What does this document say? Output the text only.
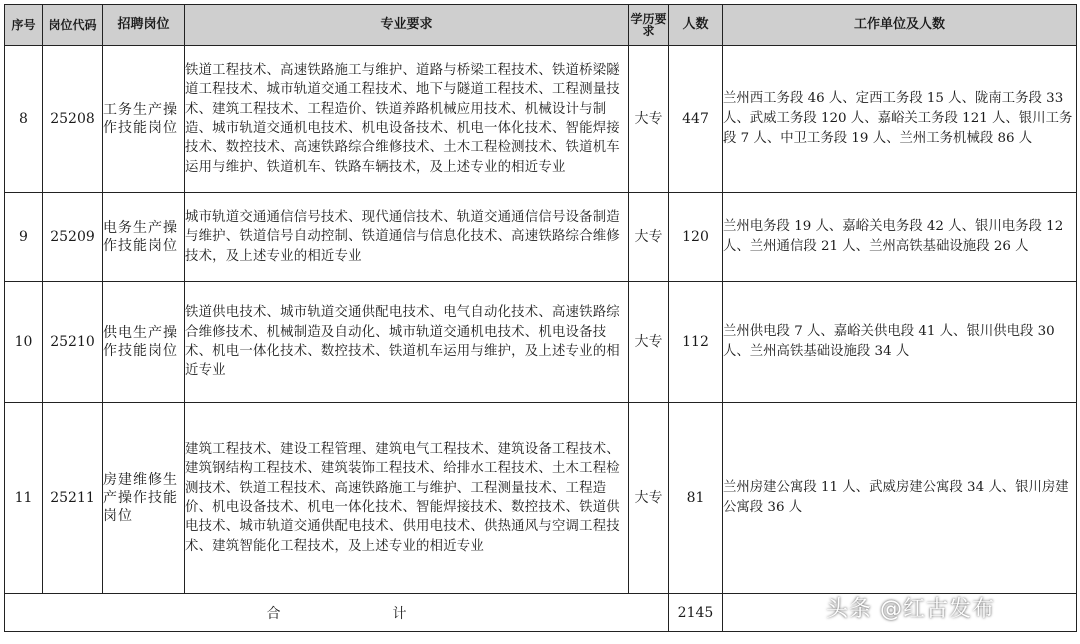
序号	岗位代码	招聘岗位	专业要求	学历要求	人数	工作单位及人数
8	25208	工务生产操作技能岗位	铁道工程技术、高速铁路施工与维护、道路与桥梁工程技术、铁道桥梁隧道工程技术、城市轨道交通工程技术、地下与隧道工程技术、工程测量技术、建筑工程技术、工程造价、铁道养路机械应用技术、机械设计与制造、城市轨道交通机电技术、机电设备技术、机电一体化技术、智能焊接技术、数控技术、高速铁路综合维修技术、土木工程检测技术、铁道机车运用与维护、铁道机车、铁路车辆技术，及上述专业的相近专业	大专	447	兰州西工务段 46 人、定西工务段 15 人、陇南工务段 33 人、武威工务段 120 人、嘉峪关工务段 121 人、银川工务段 7 人、中卫工务段 19 人、兰州工务机械段 86 人
9	25209	电务生产操作技能岗位	城市轨道交通通信信号技术、现代通信技术、轨道交通通信信号设备制造与维护、铁道信号自动控制、铁道通信与信息化技术、高速铁路综合维修技术，及上述专业的相近专业	大专	120	兰州电务段 19 人、嘉峪关电务段 42 人、银川电务段 12 人、兰州通信段 21 人、兰州高铁基础设施段 26 人
10	25210	供电生产操作技能岗位	铁道供电技术、城市轨道交通供配电技术、电气自动化技术、高速铁路综合维修技术、机械制造及自动化、城市轨道交通机电技术、机电设备技术、机电一体化技术、数控技术、铁道机车运用与维护，及上述专业的相近专业	大专	112	兰州供电段 7 人、嘉峪关供电段 41 人、银川供电段 30 人、兰州高铁基础设施段 34 人
11	25211	房建维修生产操作技能岗位	建筑工程技术、建设工程管理、建筑电气工程技术、建筑设备工程技术、建筑钢结构工程技术、建筑装饰工程技术、给排水工程技术、土木工程检测技术、铁道工程技术、高速铁路施工与维护、工程测量技术、工程造价、机电设备技术、机电一体化技术、智能焊接技术、数控技术、铁道供电技术、城市轨道交通供配电技术、供用电技术、供热通风与空调工程技术、建筑智能化工程技术，及上述专业的相近专业	大专	81	兰州房建公寓段 11 人、武威房建公寓段 34 人、银川房建公寓段 36 人

合 计					2145		头条 @红古发布
